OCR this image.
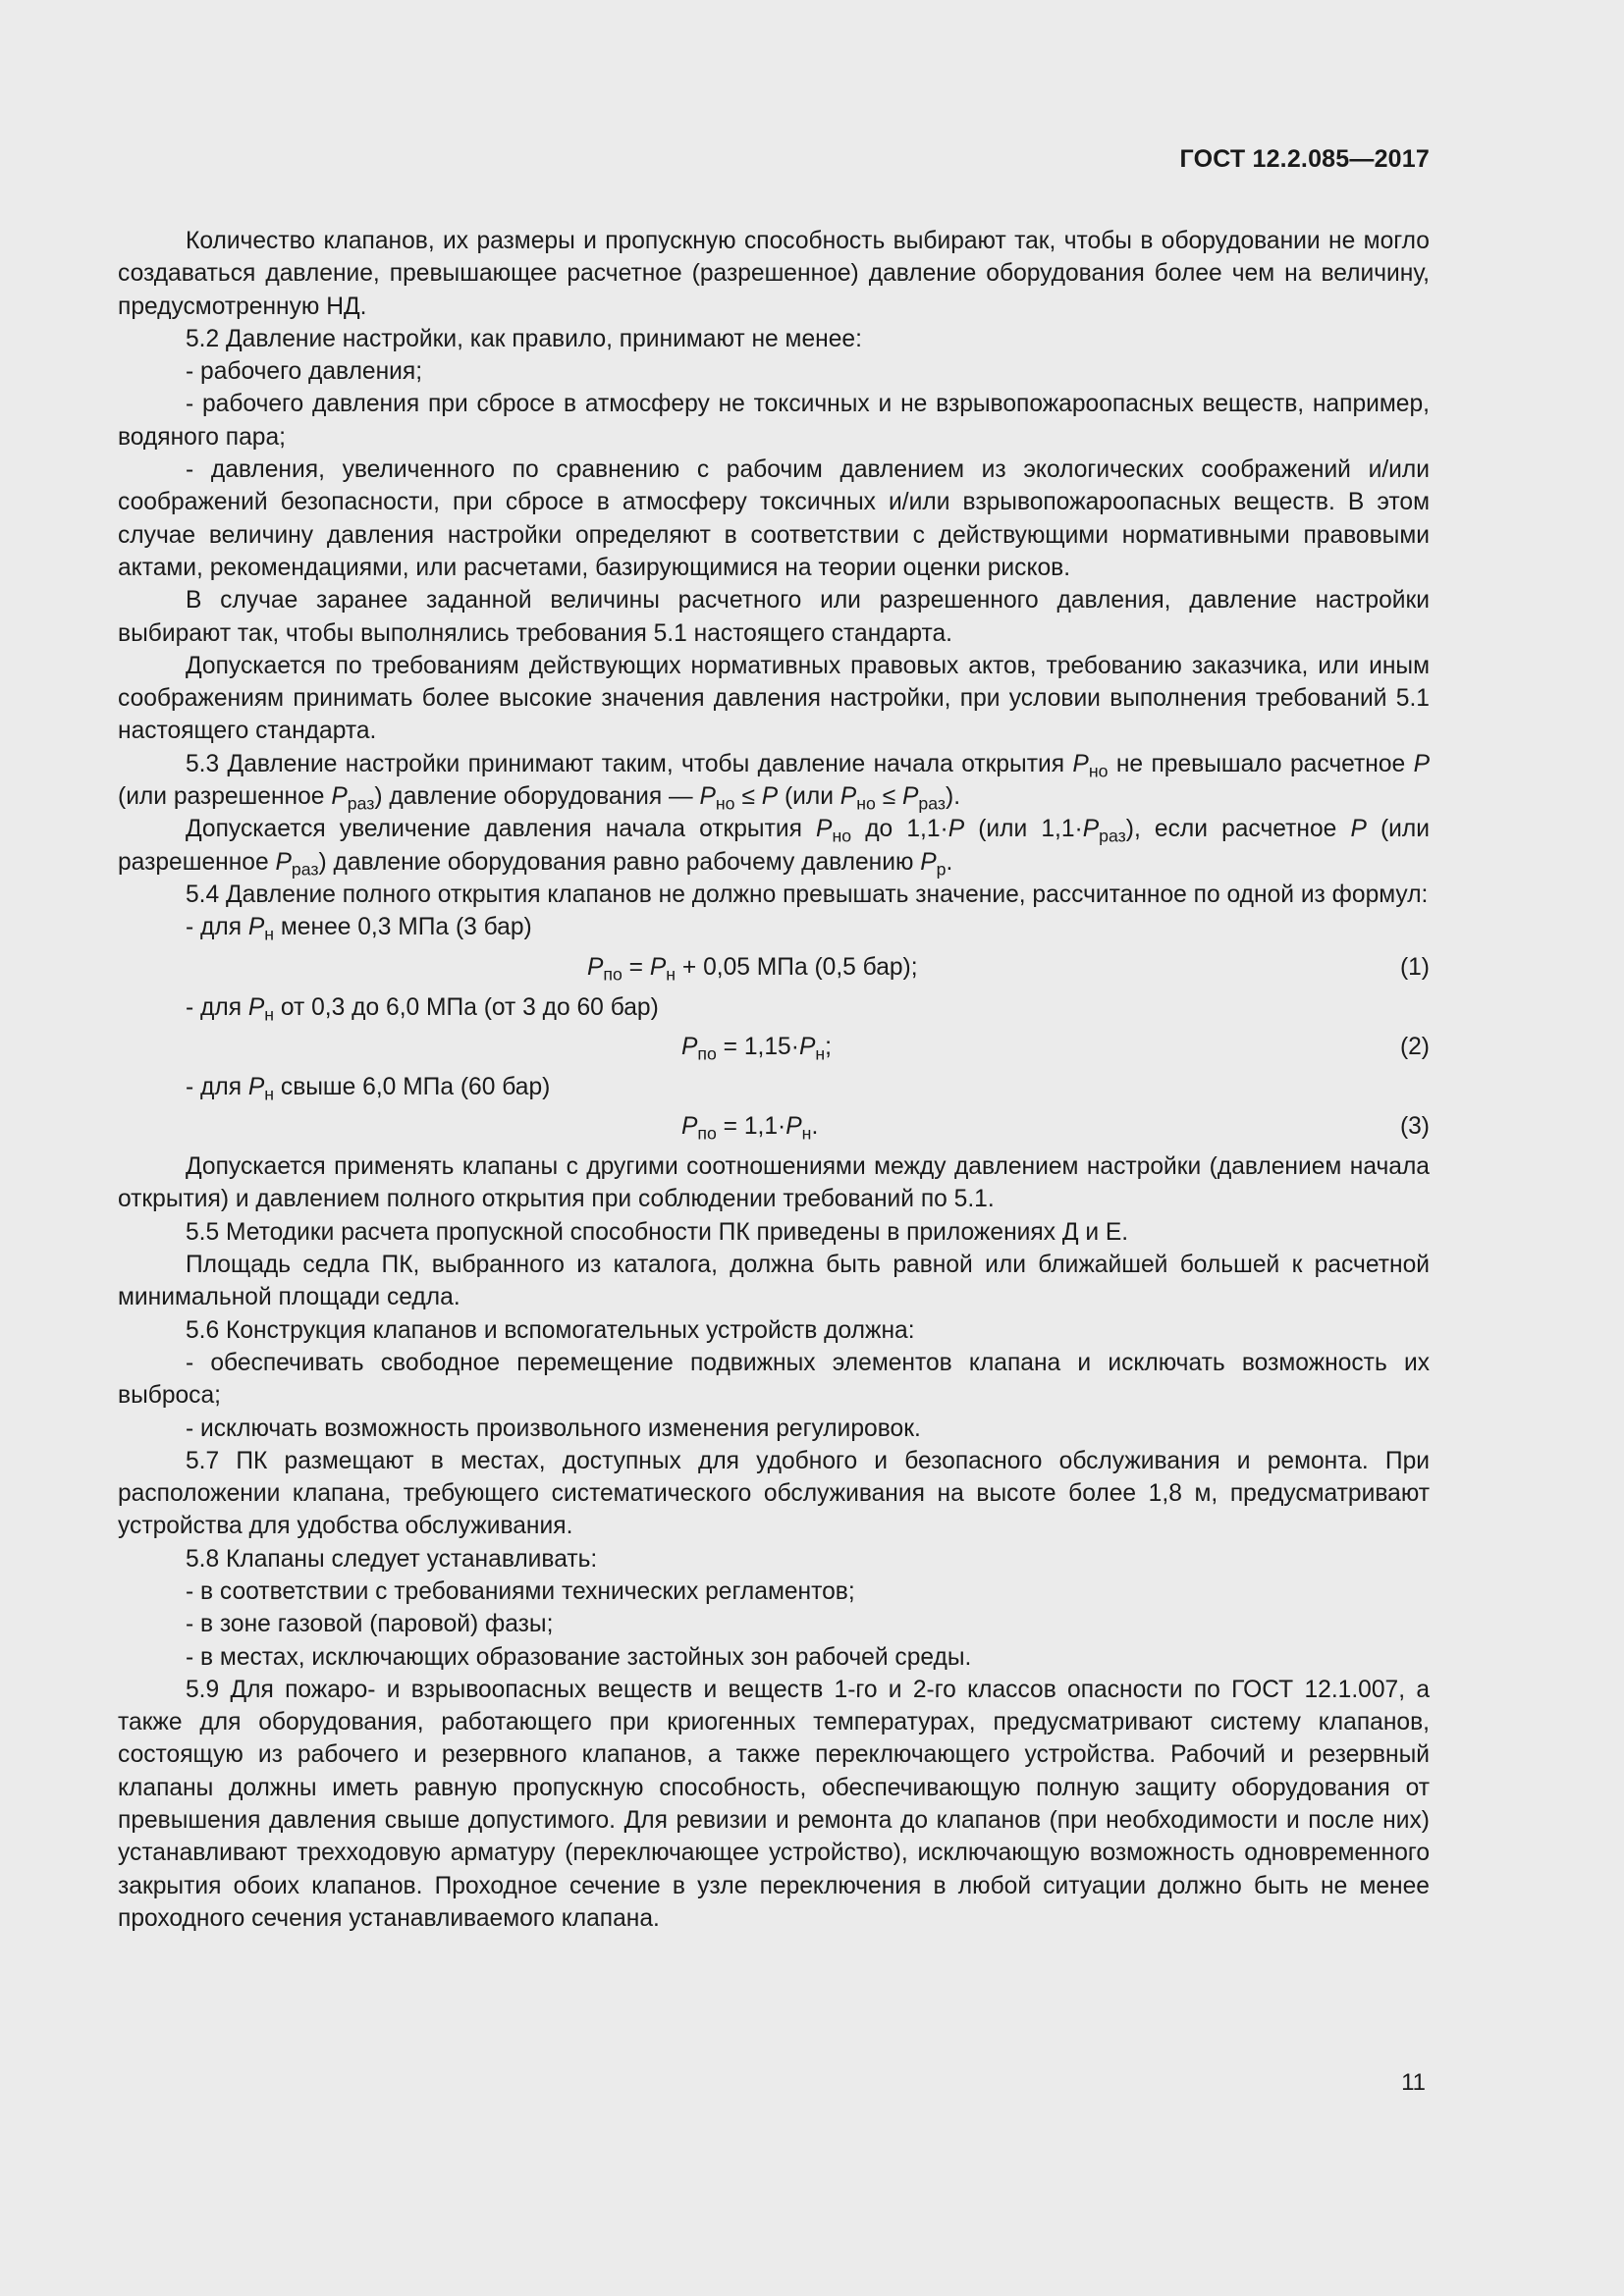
ГОСТ 12.2.085—2017

Количество клапанов, их размеры и пропускную способность выбирают так, чтобы в оборудовании не могло создаваться давление, превышающее расчетное (разрешенное) давление оборудования более чем на величину, предусмотренную НД.

5.2 Давление настройки, как правило, принимают не менее:

- рабочего давления;

- рабочего давления при сбросе в атмосферу не токсичных и не взрывопожароопасных веществ, например, водяного пара;

- давления, увеличенного по сравнению с рабочим давлением из экологических соображений и/или соображений безопасности, при сбросе в атмосферу токсичных и/или взрывопожароопасных веществ. В этом случае величину давления настройки определяют в соответствии с действующими нормативными правовыми актами, рекомендациями, или расчетами, базирующимися на теории оценки рисков.

В случае заранее заданной величины расчетного или разрешенного давления, давление настройки выбирают так, чтобы выполнялись требования 5.1 настоящего стандарта.

Допускается по требованиям действующих нормативных правовых актов, требованию заказчика, или иным соображениям принимать более высокие значения давления настройки, при условии выполнения требований 5.1 настоящего стандарта.

5.3 Давление настройки принимают таким, чтобы давление начала открытия $P_{но}$ не превышало расчетное P (или разрешенное $P_{раз}$) давление оборудования — $P_{но} \le P$ (или $P_{но} \le P_{раз}$).

Допускается увеличение давления начала открытия $P_{но}$ до 1,1·P (или $1,1\cdot P_{раз}$), если расчетное P (или разрешенное $P_{раз}$) давление оборудования равно рабочему давлению $P_р$.

5.4 Давление полного открытия клапанов не должно превышать значение, рассчитанное по одной из формул:

- для $P_н$ менее 0,3 МПа (3 бар)

$P_{по} = P_н + 0,05$ МПа (0,5 бар);	(1)

- для $P_н$ от 0,3 до 6,0 МПа (от 3 до 60 бар)

$P_{по} = 1,15\cdot P_н$;	(2)

- для $P_н$ свыше 6,0 МПа (60 бар)

$P_{по} = 1,1\cdot P_н$.	(3)

Допускается применять клапаны с другими соотношениями между давлением настройки (давлением начала открытия) и давлением полного открытия при соблюдении требований по 5.1.

5.5 Методики расчета пропускной способности ПК приведены в приложениях Д и Е.

Площадь седла ПК, выбранного из каталога, должна быть равной или ближайшей большей к расчетной минимальной площади седла.

5.6 Конструкция клапанов и вспомогательных устройств должна:

- обеспечивать свободное перемещение подвижных элементов клапана и исключать возможность их выброса;

- исключать возможность произвольного изменения регулировок.

5.7 ПК размещают в местах, доступных для удобного и безопасного обслуживания и ремонта. При расположении клапана, требующего систематического обслуживания на высоте более 1,8 м, предусматривают устройства для удобства обслуживания.

5.8 Клапаны следует устанавливать:

- в соответствии с требованиями технических регламентов;

- в зоне газовой (паровой) фазы;

- в местах, исключающих образование застойных зон рабочей среды.

5.9 Для пожаро- и взрывоопасных веществ и веществ 1-го и 2-го классов опасности по ГОСТ 12.1.007, а также для оборудования, работающего при криогенных температурах, предусматривают систему клапанов, состоящую из рабочего и резервного клапанов, а также переключающего устройства. Рабочий и резервный клапаны должны иметь равную пропускную способность, обеспечивающую полную защиту оборудования от превышения давления свыше допустимого. Для ревизии и ремонта до клапанов (при необходимости и после них) устанавливают трехходовую арматуру (переключающее устройство), исключающую возможность одновременного закрытия обоих клапанов. Проходное сечение в узле переключения в любой ситуации должно быть не менее проходного сечения устанавливаемого клапана.

11
